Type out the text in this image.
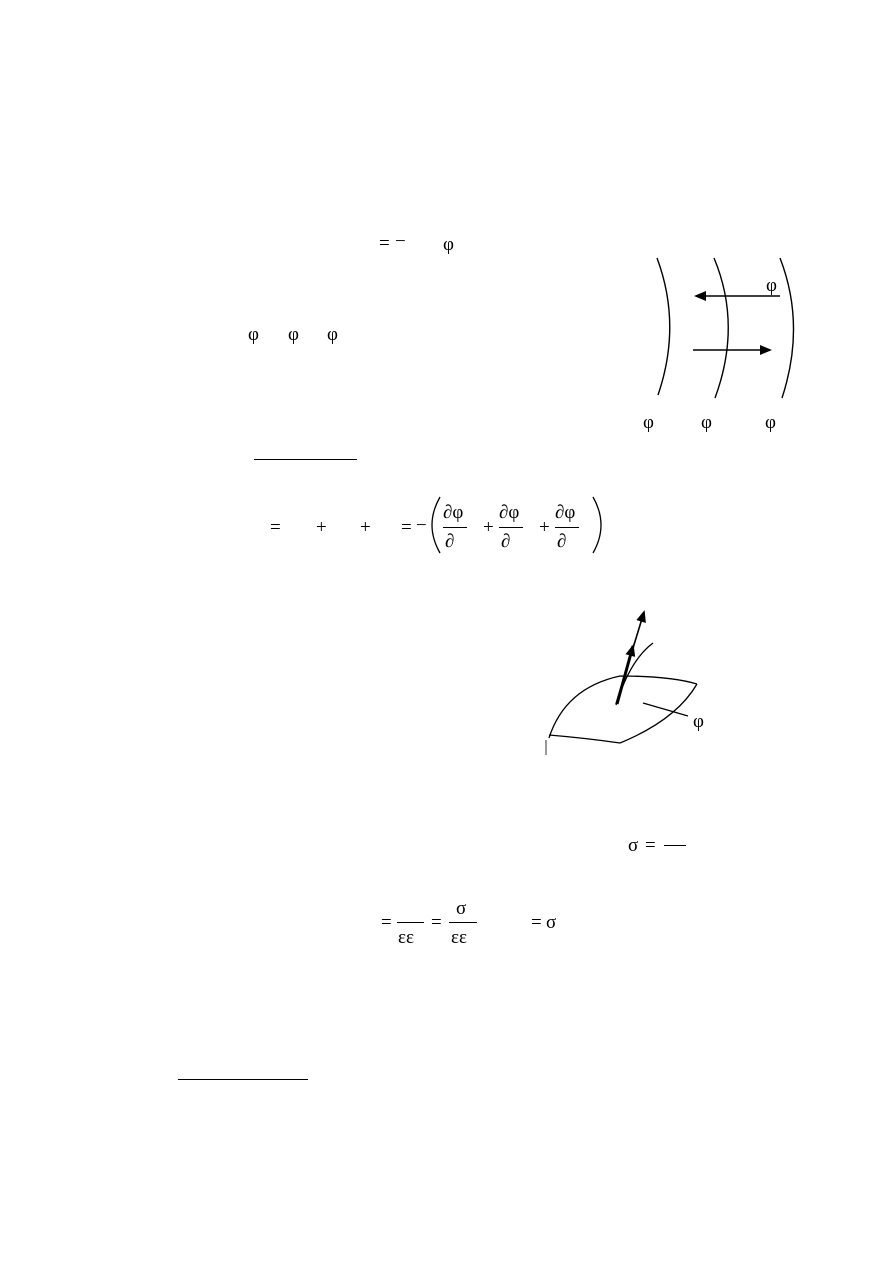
= − φ
φ φ φ
φ
φ φ	φ
= + + = −
∂φ
∂
+
∂φ
∂
+
∂φ
∂
φ
σ =
=
εε
=
σ
εε
= σ
